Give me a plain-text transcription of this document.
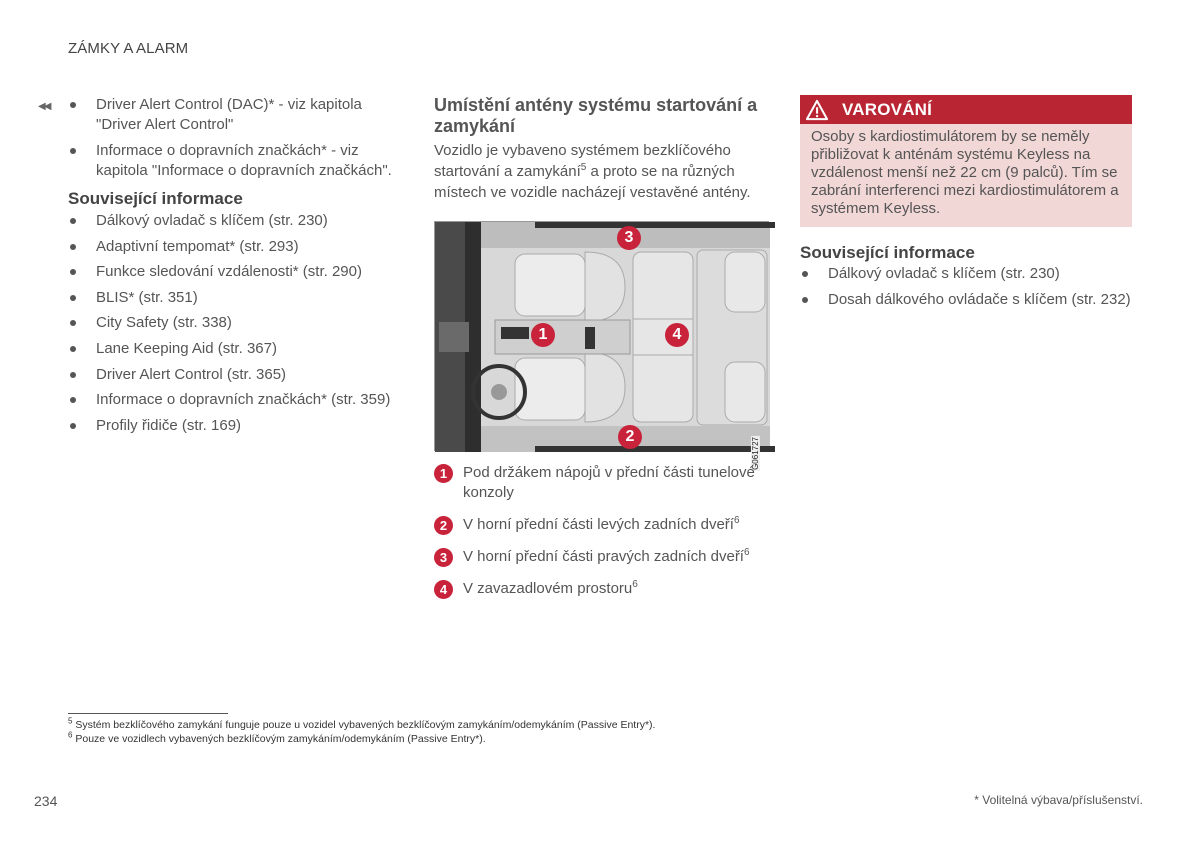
ZÁMKY A ALARM
◀◀	Driver Alert Control (DAC)* - viz kapitola "Driver Alert Control"
Informace o dopravních značkách* - viz kapitola "Informace o dopravních značkách".
Související informace
Dálkový ovladač s klíčem (str. 230)
Adaptivní tempomat* (str. 293)
Funkce sledování vzdálenosti* (str. 290)
BLIS* (str. 351)
City Safety (str. 338)
Lane Keeping Aid (str. 367)
Driver Alert Control (str. 365)
Informace o dopravních značkách* (str. 359)
Profily řidiče (str. 169)
Umístění antény systému startování a zamykání

Vozidlo je vybaveno systémem bezklíčového startování a zamykání$^5$ a proto se na různých místech ve vozidle nacházejí vestavěné antény.

1
2
3
4
G061727
1	Pod držákem nápojů v přední části tunelové konzoly
2	V horní přední části levých zadních dveří$^6$
3	V horní přední části pravých zadních dveří$^6$
4	V zavazadlovém prostoru$^6$
VAROVÁNÍ
Osoby s kardiostimulátorem by se neměly přibližovat k anténám systému Keyless na vzdálenost menší než 22 cm (9 palců). Tím se zabrání interferenci mezi kardiostimulátorem a systémem Keyless.
Související informace
Dálkový ovladač s klíčem (str. 230)
Dosah dálkového ovládače s klíčem (str. 232)
$^5$ Systém bezklíčového zamykání funguje pouze u vozidel vybavených bezklíčovým zamykáním/odemykáním (Passive Entry*).
$^6$ Pouze ve vozidlech vybavených bezklíčovým zamykáním/odemykáním (Passive Entry*).
234	* Volitelná výbava/příslušenství.
